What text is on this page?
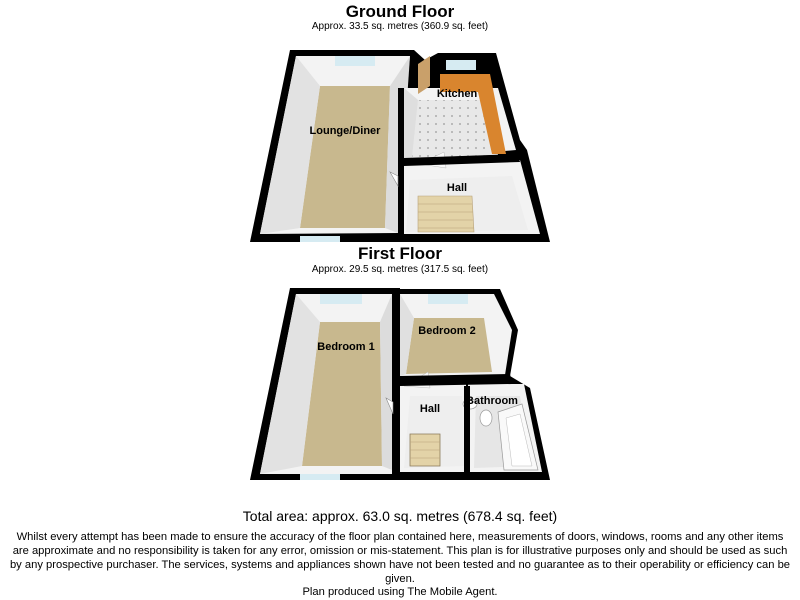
Ground Floor
Approx. 33.5 sq. metres (360.9 sq. feet)
First Floor
Approx. 29.5 sq. metres (317.5 sq. feet)
Lounge/Diner
Kitchen
Hall
Bedroom 1
Bedroom 2
Hall
Bathroom
Total area: approx. 63.0 sq. metres (678.4 sq. feet)
Whilst every attempt has been made to ensure the accuracy of the floor plan contained here, measurements of doors, windows, rooms and any other items are approximate and no responsibility is taken for any error, omission or mis-statement. This plan is for illustrative purposes only and should be used as such by any prospective purchaser. The services, systems and appliances shown have not been tested and no guarantee as to their operability or efficiency can be given.
Plan produced using The Mobile Agent.
